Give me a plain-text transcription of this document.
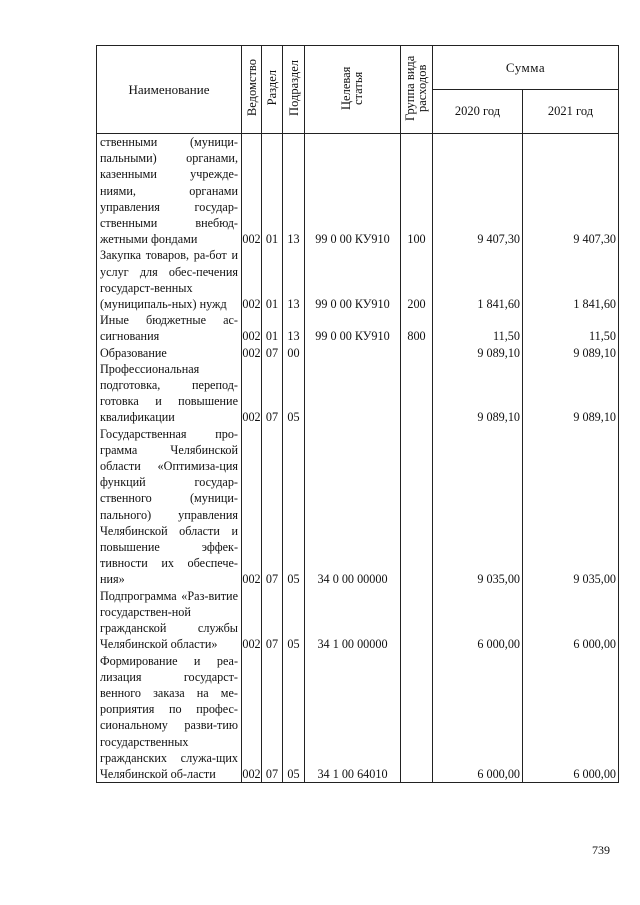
Наименование	Ведомство	Раздел	Подраздел	Целевая статья	Группа вида расходов	Сумма	
						2020 год	2021 год
ственными (муници-пальными) органами, казенными учрежде-ниями, органами управления государ-ственными внебюд-жетными фондами	002	01	13	99 0 00 КУ910	100	9 407,30	9 407,30
Закупка товаров, ра-бот и услуг для обес-печения государст-венных (муниципаль-ных) нужд	002	01	13	99 0 00 КУ910	200	1 841,60	1 841,60
Иные бюджетные ас-сигнования	002	01	13	99 0 00 КУ910	800	11,50	11,50
Образование	002	07	00			9 089,10	9 089,10
Профессиональная подготовка, перепод-готовка и повышение квалификации	002	07	05			9 089,10	9 089,10
Государственная про-грамма Челябинской области «Оптимиза-ция функций государ-ственного (муници-пального) управления Челябинской области и повышение эффек-тивности их обеспече-ния»	002	07	05	34 0 00 00000		9 035,00	9 035,00
Подпрограмма «Раз-витие государствен-ной гражданской службы Челябинской области»	002	07	05	34 1 00 00000		6 000,00	6 000,00
Формирование и реа-лизация государст-венного заказа на ме-роприятия по профес-сиональному разви-тию государственных гражданских служа-щих Челябинской об-ласти	002	07	05	34 1 00 64010		6 000,00	6 000,00
739
